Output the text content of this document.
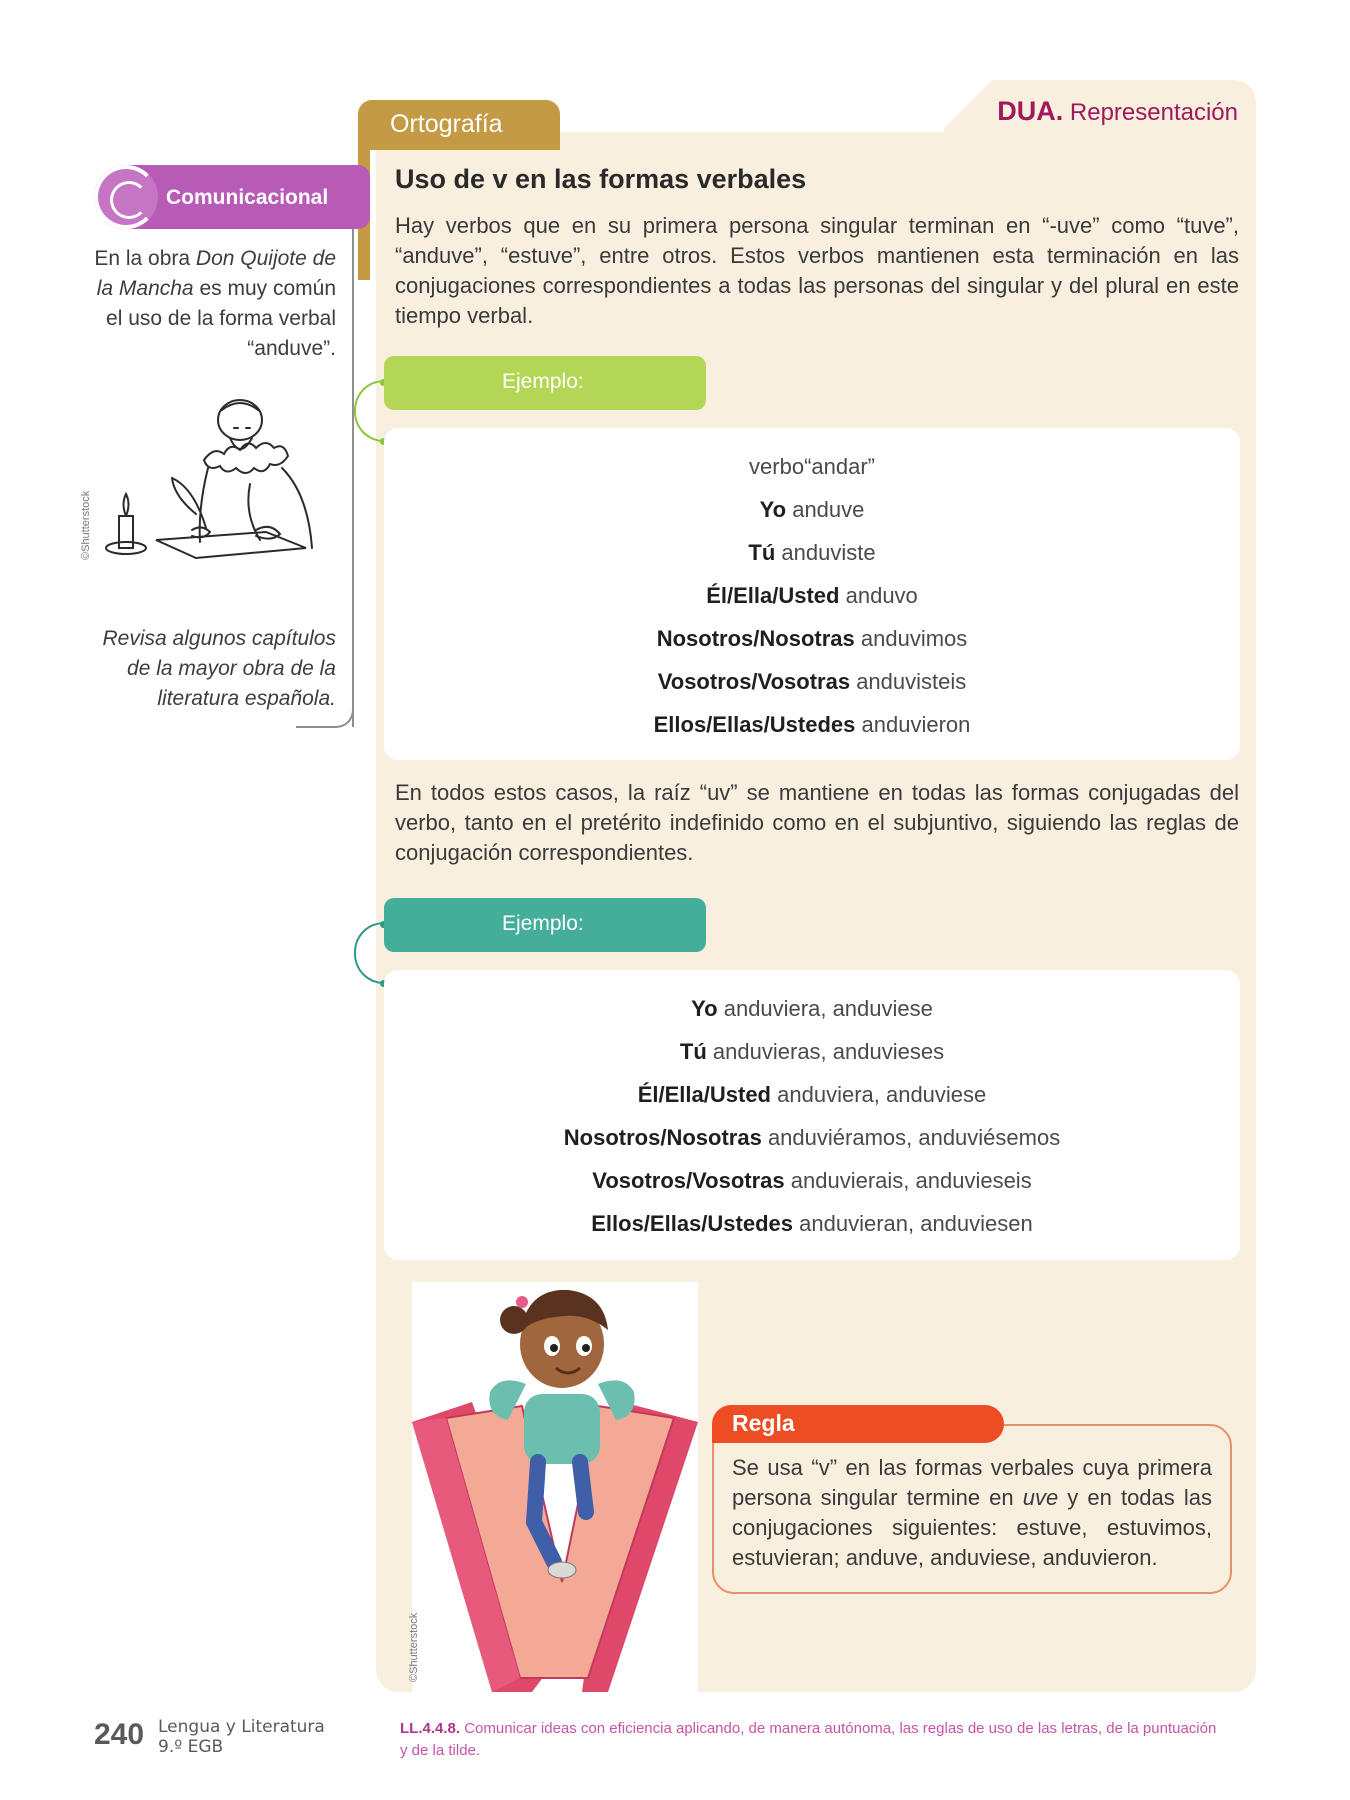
DUA. Representación
Ortografía
Comunicacional
En la obra Don Quijote de la Mancha es muy común el uso de la forma verbal “anduve”.
©Shutterstock
Revisa algunos capítulos de la mayor obra de la literatura española.
Uso de v en las formas verbales
Hay verbos que en su primera persona singular terminan en “-uve” como “tuve”, “anduve”, “estuve”, entre otros. Estos verbos mantienen esta terminación en las conjugaciones correspondientes a todas las personas del singular y del plural en este tiempo verbal.
Ejemplo:
verbo“andar”
Yo anduve
Tú anduviste
Él/Ella/Usted anduvo
Nosotros/Nosotras anduvimos
Vosotros/Vosotras anduvisteis
Ellos/Ellas/Ustedes anduvieron
En todos estos casos, la raíz “uv” se mantiene en todas las formas conjugadas del verbo, tanto en el pretérito indefinido como en el subjuntivo, siguiendo las reglas de conjugación correspondientes.
Ejemplo:
Yo anduviera, anduviese
Tú anduvieras, anduvieses
Él/Ella/Usted anduviera, anduviese
Nosotros/Nosotras anduviéramos, anduviésemos
Vosotros/Vosotras anduvierais, anduvieseis
Ellos/Ellas/Ustedes anduvieran, anduviesen
©Shutterstock
Regla
Se usa “v” en las formas verbales cuya primera persona singular termine en uve y en todas las conjugaciones siguientes: estuve, estuvimos, estuvieran; anduve, anduviese, anduvieron.
240 Lengua y Literatura
9.º EGB
LL.4.4.8. Comunicar ideas con eficiencia aplicando, de manera autónoma, las reglas de uso de las letras, de la puntuación y de la tilde.
